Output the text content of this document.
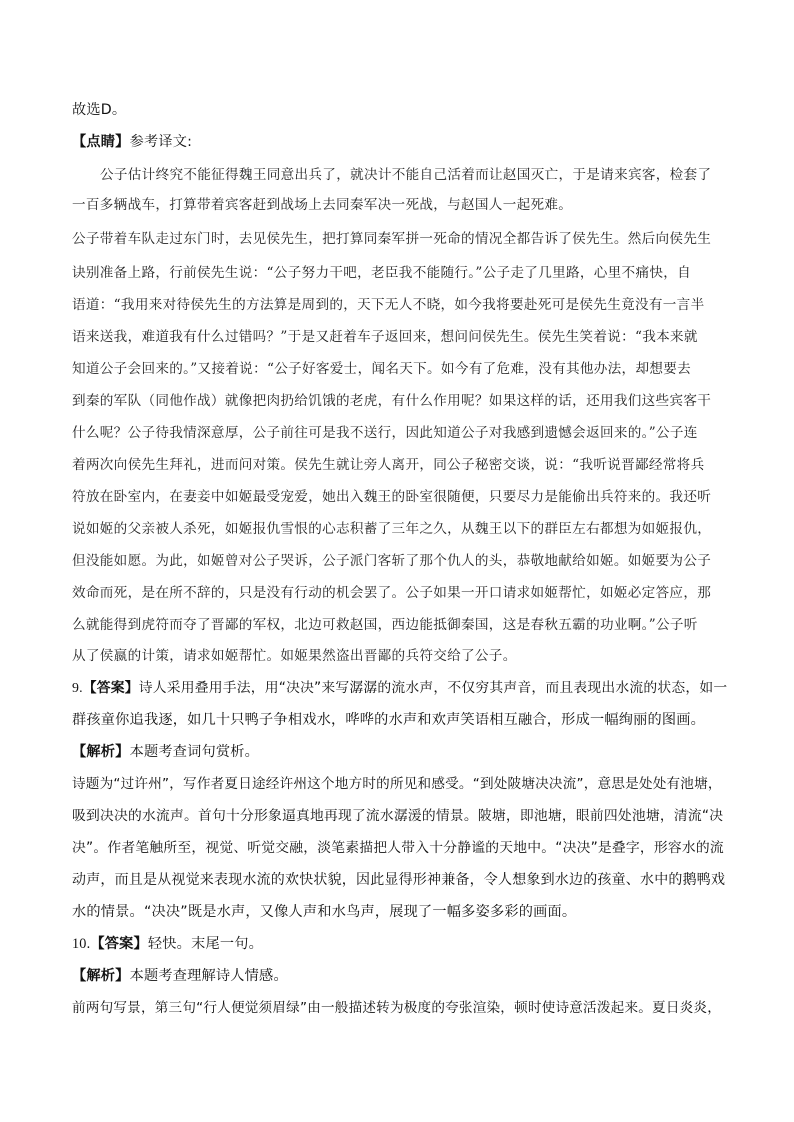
故选D。
【点睛】参考译文:
公子估计终究不能征得魏王同意出兵了，就决计不能自己活着而让赵国灭亡，于是请来宾客，检套了
一百多辆战车，打算带着宾客赶到战场上去同秦军决一死战，与赵国人一起死难。
公子带着车队走过东门时，去见侯先生，把打算同秦军拼一死命的情况全都告诉了侯先生。然后向侯先生
诀别准备上路，行前侯先生说：“公子努力干吧，老臣我不能随行。”公子走了几里路，心里不痛快，自
语道：“我用来对待侯先生的方法算是周到的，天下无人不晓，如今我将要赴死可是侯先生竟没有一言半
语来送我，难道我有什么过错吗？”于是又赶着车子返回来，想问问侯先生。侯先生笑着说：“我本来就
知道公子会回来的。”又接着说：“公子好客爱士，闻名天下。如今有了危难，没有其他办法，却想要去
到秦的军队（同他作战）就像把肉扔给饥饿的老虎，有什么作用呢？如果这样的话，还用我们这些宾客干
什么呢？公子待我情深意厚，公子前往可是我不送行，因此知道公子对我感到遗憾会返回来的。”公子连
着两次向侯先生拜礼，进而问对策。侯先生就让旁人离开，同公子秘密交谈，说：“我听说晋鄙经常将兵
符放在卧室内，在妻妾中如姬最受宠爱，她出入魏王的卧室很随便，只要尽力是能偷出兵符来的。我还听
说如姬的父亲被人杀死，如姬报仇雪恨的心志积蓄了三年之久，从魏王以下的群臣左右都想为如姬报仇，
但没能如愿。为此，如姬曾对公子哭诉，公子派门客斩了那个仇人的头，恭敬地献给如姬。如姬要为公子
效命而死，是在所不辞的，只是没有行动的机会罢了。公子如果一开口请求如姬帮忙，如姬必定答应，那
么就能得到虎符而夺了晋鄙的军权，北边可救赵国，西边能抵御秦国，这是春秋五霸的功业啊。”公子听
从了侯嬴的计策，请求如姬帮忙。如姬果然盗出晋鄙的兵符交给了公子。
9.【答案】诗人采用叠用手法，用“决决”来写潺潺的流水声，不仅穷其声音，而且表现出水流的状态，如一
群孩童你追我逐，如几十只鸭子争相戏水，哗哗的水声和欢声笑语相互融合，形成一幅绚丽的图画。
【解析】本题考查词句赏析。
诗题为“过许州”，写作者夏日途经许州这个地方时的所见和感受。“到处陂塘决决流”，意思是处处有池塘，
吸到决决的水流声。首句十分形象逼真地再现了流水潺湲的情景。陂塘，即池塘，眼前四处池塘，清流“决
决”。作者笔触所至，视觉、听觉交融，淡笔素描把人带入十分静谧的天地中。“决决”是叠字，形容水的流
动声，而且是从视觉来表现水流的欢快状貌，因此显得形神兼备，令人想象到水边的孩童、水中的鹅鸭戏
水的情景。“决决”既是水声，又像人声和水鸟声，展现了一幅多姿多彩的画面。
10.【答案】轻快。末尾一句。
【解析】本题考查理解诗人情感。
前两句写景，第三句“行人便觉须眉绿”由一般描述转为极度的夸张渲染，顿时使诗意活泼起来。夏日炎炎，
